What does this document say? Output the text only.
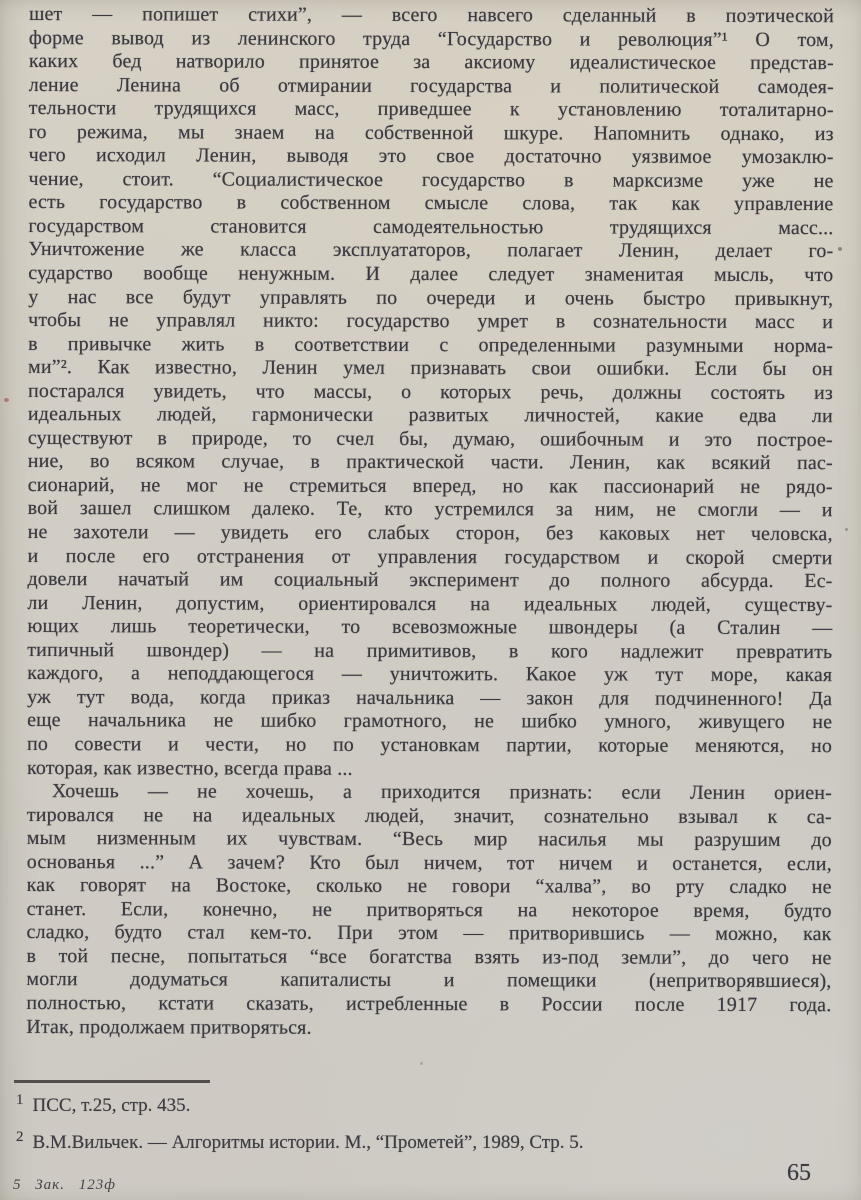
шет — попишет стихи”, — всего навсего сделанный в поэтической
форме вывод из ленинского труда “Государство и революция”¹ О том,
каких бед натворило принятое за аксиому идеалистическое представ-
ление Ленина об отмирании государства и политической самодея-
тельности трудящихся масс, приведшее к установлению тоталитарно-
го режима, мы знаем на собственной шкуре. Напомнить однако, из
чего исходил Ленин, выводя это свое достаточно уязвимое умозаклю-
чение, стоит. “Социалистическое государство в марксизме уже не
есть государство в собственном смысле слова, так как управление
государством становится самодеятельностью трудящихся масс...
Уничтожение же класса эксплуататоров, полагает Ленин, делает го-
сударство вообще ненужным. И далее следует знаменитая мысль, что
у нас все будут управлять по очереди и очень быстро привыкнут,
чтобы не управлял никто: государство умрет в сознательности масс и
в привычке жить в соответствии с определенными разумными норма-
ми”². Как известно, Ленин умел признавать свои ошибки. Если бы он
постарался увидеть, что массы, о которых речь, должны состоять из
идеальных людей, гармонически развитых личностей, какие едва ли
существуют в природе, то счел бы, думаю, ошибочным и это построе-
ние, во всяком случае, в практической части. Ленин, как всякий пас-
сионарий, не мог не стремиться вперед, но как пассионарий не рядо-
вой зашел слишком далеко. Те, кто устремился за ним, не смогли — и
не захотели — увидеть его слабых сторон, без каковых нет человска,
и после его отстранения от управления государством и скорой смерти
довели начатый им социальный эксперимент до полного абсурда. Ес-
ли Ленин, допустим, ориентировался на идеальных людей, существу-
ющих лишь теоретически, то всевозможные швондеры (а Сталин —
типичный швондер) — на примитивов, в кого надлежит превратить
каждого, а неподдающегося — уничтожить. Какое уж тут море, какая
уж тут вода, когда приказ начальника — закон для подчиненного! Да
еще начальника не шибко грамотного, не шибко умного, живущего не
по совести и чести, но по установкам партии, которые меняются, но
которая, как известно, всегда права ...
Хочешь — не хочешь, а приходится признать: если Ленин ориен-
тировался не на идеальных людей, значит, сознательно взывал к са-
мым низменным их чувствам. “Весь мир насилья мы разрушим до
основанья ...” А зачем? Кто был ничем, тот ничем и останется, если,
как говорят на Востоке, сколько не говори “халва”, во рту сладко не
станет. Если, конечно, не притворяться на некоторое время, будто
сладко, будто стал кем-то. При этом — притворившись — можно, как
в той песне, попытаться “все богатства взять из-под земли”, до чего не
могли додуматься капиталисты и помещики (непритворявшиеся),
полностью, кстати сказать, истребленные в России после 1917 года.
Итак, продолжаем притворяться.
$^1$ ПСС, т.25, стр. 435.
$^2$ В.М.Вильчек. — Алгоритмы истории. М., “Прометей”, 1989, Стр. 5.
5 Зак. 123ф	65
